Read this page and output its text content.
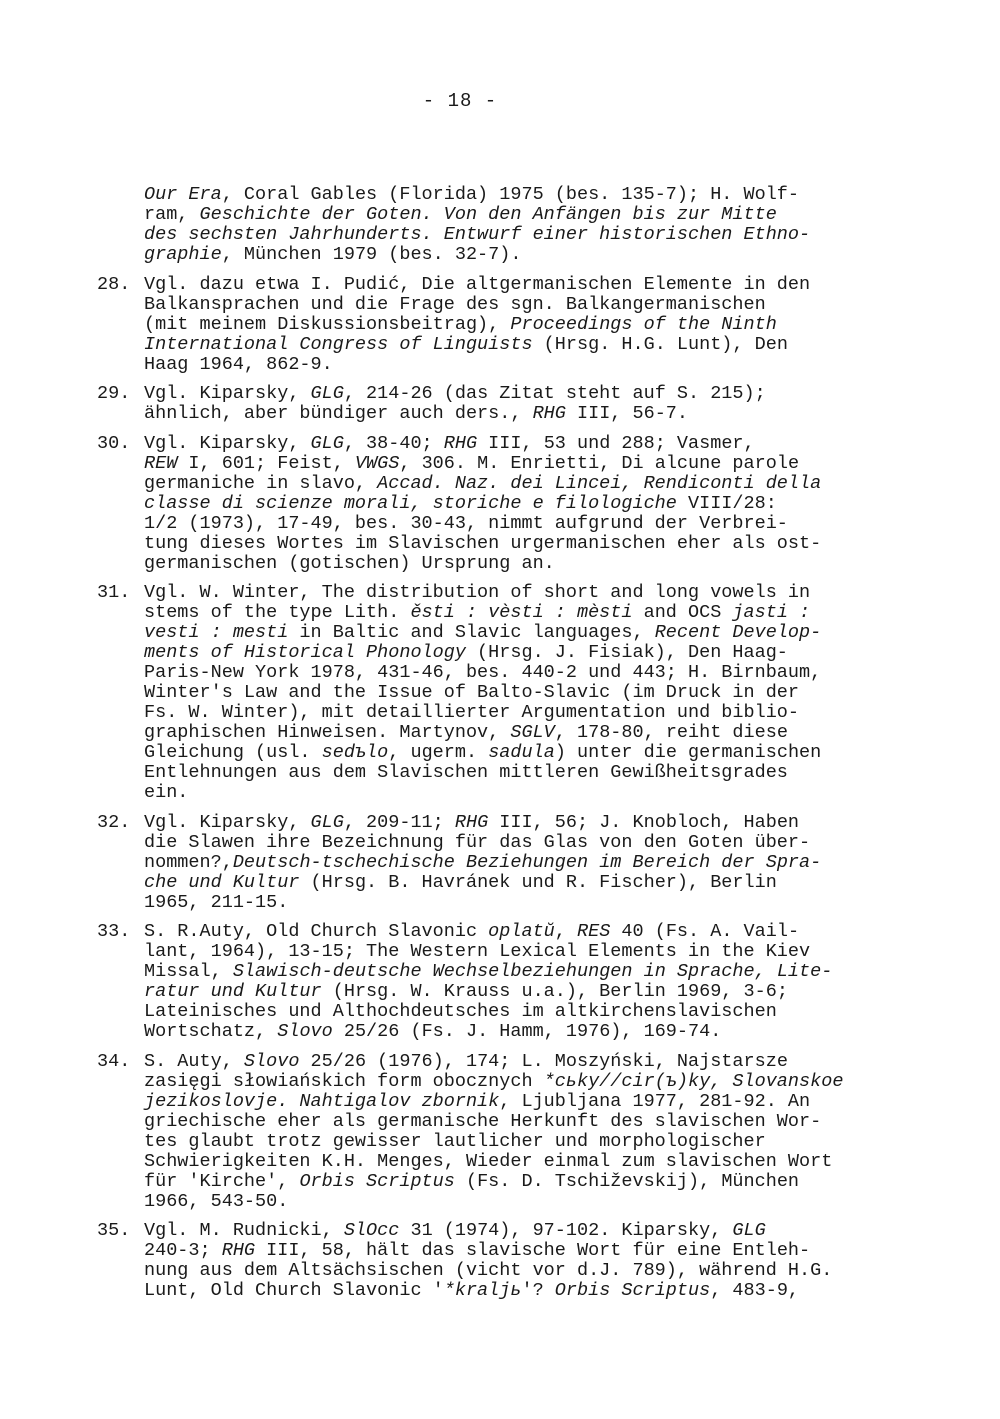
- 18 -
Our Era, Coral Gables (Florida) 1975 (bes. 135-7); H. Wolf-
ram, Geschichte der Goten. Von den Anfängen bis zur Mitte
des sechsten Jahrhunderts. Entwurf einer historischen Ethno-
graphie, München 1979 (bes. 32-7).
28. Vgl. dazu etwa I. Pudić, Die altgermanischen Elemente in den
Balkansprachen und die Frage des sgn. Balkangermanischen
(mit meinem Diskussionsbeitrag), Proceedings of the Ninth
International Congress of Linguists (Hrsg. H.G. Lunt), Den
Haag 1964, 862-9.
29. Vgl. Kiparsky, GLG, 214-26 (das Zitat steht auf S. 215);
ähnlich, aber bündiger auch ders., RHG III, 56-7.
30. Vgl. Kiparsky, GLG, 38-40; RHG III, 53 und 288; Vasmer,
REW I, 601; Feist, VWGS, 306. M. Enrietti, Di alcune parole
germaniche in slavo, Accad. Naz. dei Lincei, Rendiconti della
classe di scienze morali, storiche e filologiche VIII/28:
1/2 (1973), 17-49, bes. 30-43, nimmt aufgrund der Verbrei-
tung dieses Wortes im Slavischen urgermanischen eher als ost-
germanischen (gotischen) Ursprung an.
31. Vgl. W. Winter, The distribution of short and long vowels in
stems of the type Lith. ěsti : vèsti : mèsti and OCS jasti :
vesti : mesti in Baltic and Slavic languages, Recent Develop-
ments of Historical Phonology (Hrsg. J. Fisiak), Den Haag-
Paris-New York 1978, 431-46, bes. 440-2 und 443; H. Birnbaum,
Winter's Law and the Issue of Balto-Slavic (im Druck in der
Fs. W. Winter), mit detaillierter Argumentation und biblio-
graphischen Hinweisen. Martynov, SGLV, 178-80, reiht diese
Gleichung (usl. sedъlo, ugerm. sadula) unter die germanischen
Entlehnungen aus dem Slavischen mittleren Gewißheitsgrades
ein.
32. Vgl. Kiparsky, GLG, 209-11; RHG III, 56; J. Knobloch, Haben
die Slawen ihre Bezeichnung für das Glas von den Goten über-
nommen?,Deutsch-tschechische Beziehungen im Bereich der Spra-
che und Kultur (Hrsg. B. Havránek und R. Fischer), Berlin
1965, 211-15.
33. S. R.Auty, Old Church Slavonic oplatŭ, RES 40 (Fs. A. Vail-
lant, 1964), 13-15; The Western Lexical Elements in the Kiev
Missal, Slawisch-deutsche Wechselbeziehungen in Sprache, Lite-
ratur und Kultur (Hrsg. W. Krauss u.a.), Berlin 1969, 3-6;
Lateinisches und Althochdeutsches im altkirchenslavischen
Wortschatz, Slovo 25/26 (Fs. J. Hamm, 1976), 169-74.
34. S. Auty, Slovo 25/26 (1976), 174; L. Moszyński, Najstarsze
zasięgi słowiańskich form obocznych *cьky//cir(ъ)ky, Slovanskoe
jezikoslovje. Nahtigalov zbornik, Ljubljana 1977, 281-92. An
griechische eher als germanische Herkunft des slavischen Wor-
tes glaubt trotz gewisser lautlicher und morphologischer
Schwierigkeiten K.H. Menges, Wieder einmal zum slavischen Wort
für 'Kirche', Orbis Scriptus (Fs. D. Tschiževskij), München
1966, 543-50.
35. Vgl. M. Rudnicki, SlOcc 31 (1974), 97-102. Kiparsky, GLG
240-3; RHG III, 58, hält das slavische Wort für eine Entleh-
nung aus dem Altsächsischen (vicht vor d.J. 789), während H.G.
Lunt, Old Church Slavonic '*kraljь'? Orbis Scriptus, 483-9,
